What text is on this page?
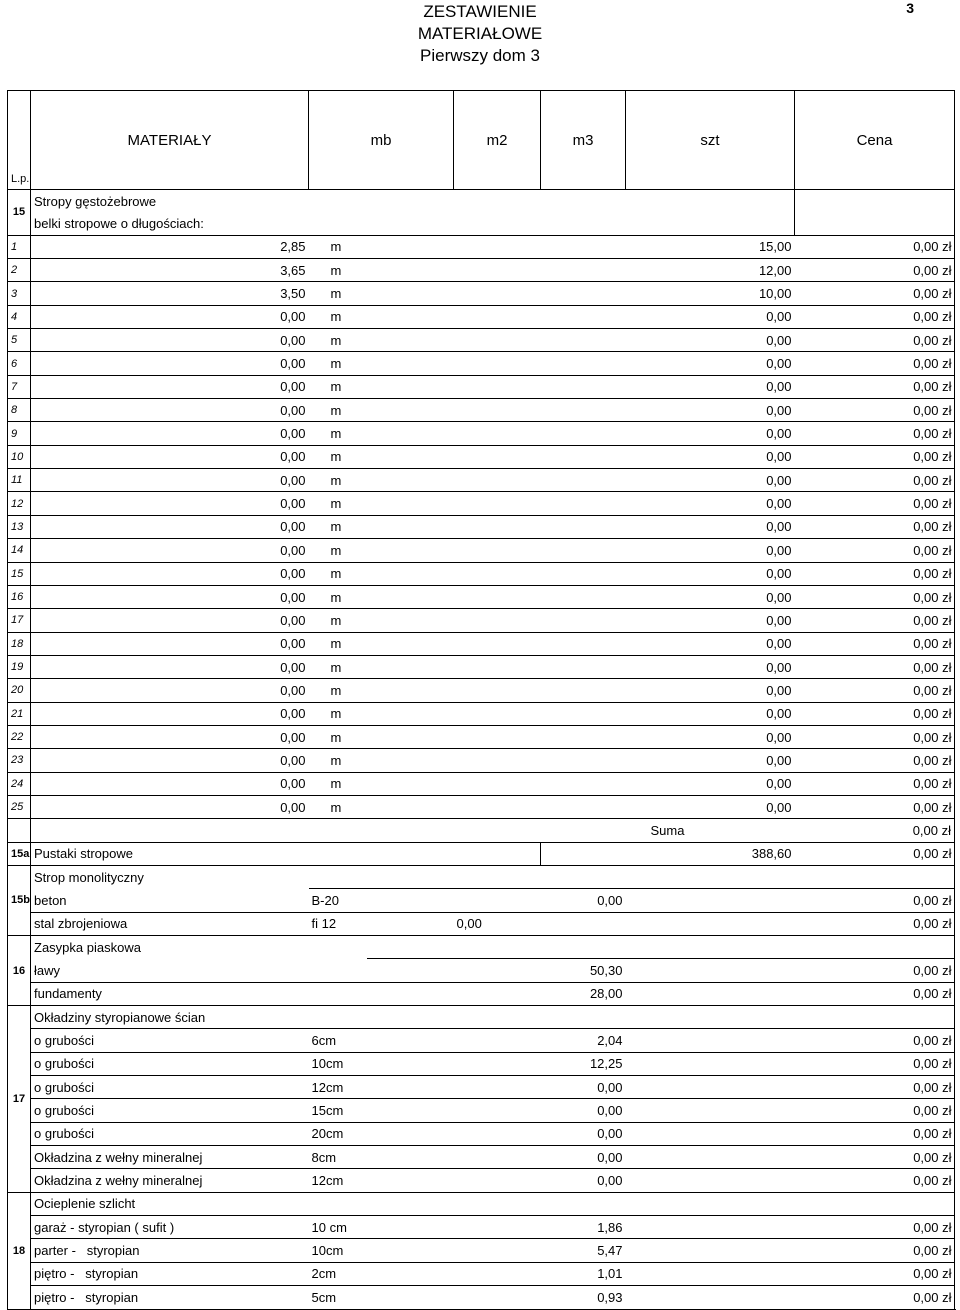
ZESTAWIENIE
MATERIAŁOWE
Pierwszy dom 3
3
L.p.	MATERIAŁY	mb		m2	m3	szt	Cena	
15	Stropy gęstożebrowe							
	belki stropowe o długościach:							
1	2,85	m			15,00		0,00 zł	
2	3,65	m			12,00		0,00 zł	
3	3,50	m			10,00		0,00 zł	
4	0,00	m			0,00		0,00 zł	
5	0,00	m			0,00		0,00 zł	
6	0,00	m			0,00		0,00 zł	
7	0,00	m			0,00		0,00 zł	
8	0,00	m			0,00		0,00 zł	
9	0,00	m			0,00		0,00 zł	
10	0,00	m			0,00		0,00 zł	
11	0,00	m			0,00		0,00 zł	
12	0,00	m			0,00		0,00 zł	
13	0,00	m			0,00		0,00 zł	
14	0,00	m			0,00		0,00 zł	
15	0,00	m			0,00		0,00 zł	
16	0,00	m			0,00		0,00 zł	
17	0,00	m			0,00		0,00 zł	
18	0,00	m			0,00		0,00 zł	
19	0,00	m			0,00		0,00 zł	
20	0,00	m			0,00		0,00 zł	
21	0,00	m			0,00		0,00 zł	
22	0,00	m			0,00		0,00 zł	
23	0,00	m			0,00		0,00 zł	
24	0,00	m			0,00		0,00 zł	
25	0,00	m			0,00		0,00 zł	
					Suma		0,00 zł	
15a	Pustaki stropowe				388,60		0,00 zł	
15b	Strop monolityczny							
	beton	B-20			0,00		0,00 zł	
	stal zbrojeniowa	fi 12		0,00			0,00 zł	
16	Zasypka piaskowa							
	ławy				50,30		0,00 zł	
	fundamenty				28,00		0,00 zł	
17	Okładziny styropianowe ścian							
	o grubości	6cm			2,04		0,00 zł	
	o grubości	10cm			12,25		0,00 zł	
	o grubości	12cm			0,00		0,00 zł	
	o grubości	15cm			0,00		0,00 zł	
	o grubości	20cm			0,00		0,00 zł	
	Okładzina z wełny mineralnej	8cm			0,00		0,00 zł	
	Okładzina z wełny mineralnej	12cm			0,00		0,00 zł	
18	Ocieplenie szlicht							
	garaż - styropian ( sufit )	10 cm			1,86		0,00 zł	
	parter -   styropian	10cm			5,47		0,00 zł	
	piętro -   styropian	2cm			1,01		0,00 zł	
	piętro -   styropian	5cm			0,93		0,00 zł	
